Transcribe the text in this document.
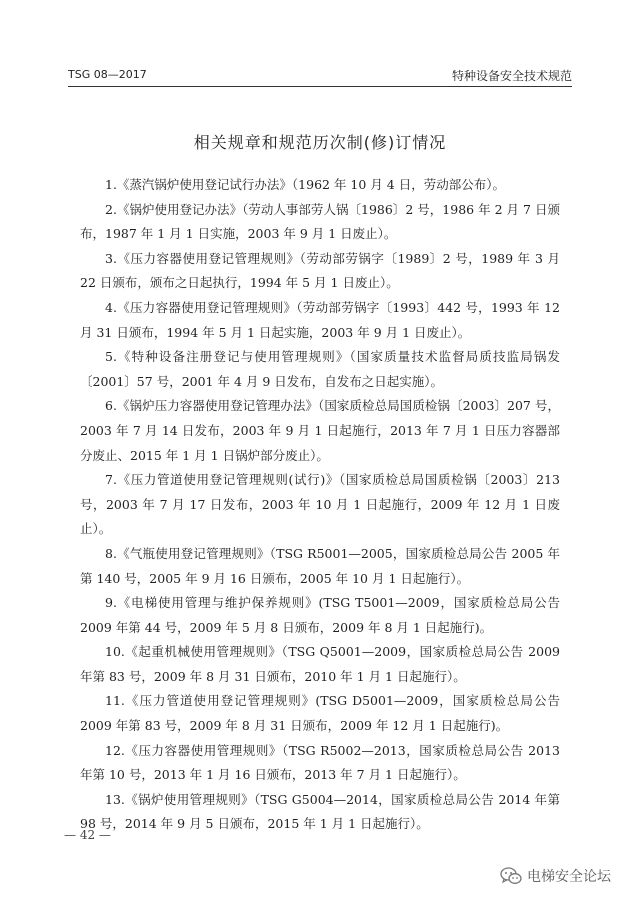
TSG 08—2017	特种设备安全技术规范
相关规章和规范历次制(修)订情况
1.《蒸汽锅炉使用登记试行办法》（1962 年 10 月 4 日，劳动部公布）。
2.《锅炉使用登记办法》（劳动人事部劳人锅〔1986〕2 号，1986 年 2 月 7 日颁布，1987 年 1 月 1 日实施，2003 年 9 月 1 日废止）。
3.《压力容器使用登记管理规则》（劳动部劳锅字〔1989〕2 号，1989 年 3 月 22 日颁布，颁布之日起执行，1994 年 5 月 1 日废止）。
4.《压力容器使用登记管理规则》（劳动部劳锅字〔1993〕442 号，1993 年 12 月 31 日颁布，1994 年 5 月 1 日起实施，2003 年 9 月 1 日废止）。
5.《特种设备注册登记与使用管理规则》（国家质量技术监督局质技监局锅发〔2001〕57 号，2001 年 4 月 9 日发布，自发布之日起实施）。
6.《锅炉压力容器使用登记管理办法》（国家质检总局国质检锅〔2003〕207 号，2003 年 7 月 14 日发布，2003 年 9 月 1 日起施行，2013 年 7 月 1 日压力容器部分废止、2015 年 1 月 1 日锅炉部分废止）。
7.《压力管道使用登记管理规则(试行)》（国家质检总局国质检锅〔2003〕213 号，2003 年 7 月 17 日发布，2003 年 10 月 1 日起施行，2009 年 12 月 1 日废止）。
8.《气瓶使用登记管理规则》（TSG R5001—2005，国家质检总局公告 2005 年第 140 号，2005 年 9 月 16 日颁布，2005 年 10 月 1 日起施行）。
9.《电梯使用管理与维护保养规则》(TSG T5001—2009，国家质检总局公告 2009 年第 44 号，2009 年 5 月 8 日颁布，2009 年 8 月 1 日起施行)。
10.《起重机械使用管理规则》（TSG Q5001—2009，国家质检总局公告 2009 年第 83 号，2009 年 8 月 31 日颁布，2010 年 1 月 1 日起施行）。
11.《压力管道使用登记管理规则》(TSG D5001—2009，国家质检总局公告 2009 年第 83 号，2009 年 8 月 31 日颁布，2009 年 12 月 1 日起施行)。
12.《压力容器使用管理规则》（TSG R5002—2013，国家质检总局公告 2013 年第 10 号，2013 年 1 月 16 日颁布，2013 年 7 月 1 日起施行）。
13.《锅炉使用管理规则》（TSG G5004—2014，国家质检总局公告 2014 年第 98 号，2014 年 9 月 5 日颁布，2015 年 1 月 1 日起施行）。
— 42 —
电梯安全论坛
